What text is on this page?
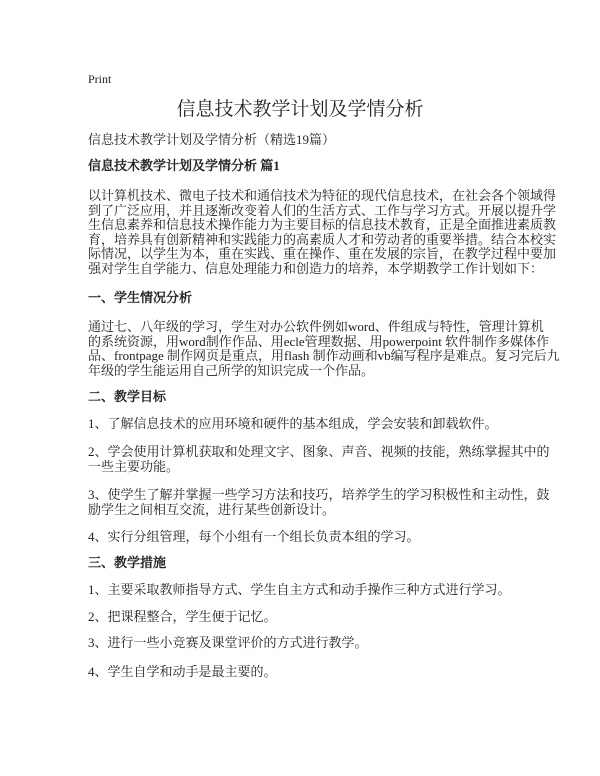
Print
信息技术教学计划及学情分析
信息技术教学计划及学情分析（精选19篇）
信息技术教学计划及学情分析 篇1
以计算机技术、微电子技术和通信技术为特征的现代信息技术，在社会各个领域得
到了广泛应用，并且逐渐改变着人们的生活方式、工作与学习方式。开展以提升学
生信息素养和信息技术操作能力为主要目标的信息技术教育，正是全面推进素质教
育，培养具有创新精神和实践能力的高素质人才和劳动者的重要举措。结合本校实
际情况，以学生为本，重在实践、重在操作、重在发展的宗旨，在教学过程中要加
强对学生自学能力、信息处理能力和创造力的培养，本学期教学工作计划如下：
一、学生情况分析
通过七、八年级的学习，学生对办公软件例如word、件组成与特性，管理计算机
的系统资源，用word制作作品、用ecle管理数据、用powerpoint 软件制作多媒体作
品、frontpage 制作网页是重点，用flash 制作动画和vb编写程序是难点。复习完后九
年级的学生能运用自己所学的知识完成一个作品。
二、教学目标
1、了解信息技术的应用环境和硬件的基本组成，学会安装和卸载软件。
2、学会使用计算机获取和处理文字、图象、声音、视频的技能，熟练掌握其中的
一些主要功能。
3、使学生了解并掌握一些学习方法和技巧，培养学生的学习积极性和主动性，鼓
励学生之间相互交流，进行某些创新设计。
4、实行分组管理，每个小组有一个组长负责本组的学习。
三、教学措施
1、主要采取教师指导方式、学生自主方式和动手操作三种方式进行学习。
2、把课程整合，学生便于记忆。
3、进行一些小竞赛及课堂评价的方式进行教学。
4、学生自学和动手是最主要的。
